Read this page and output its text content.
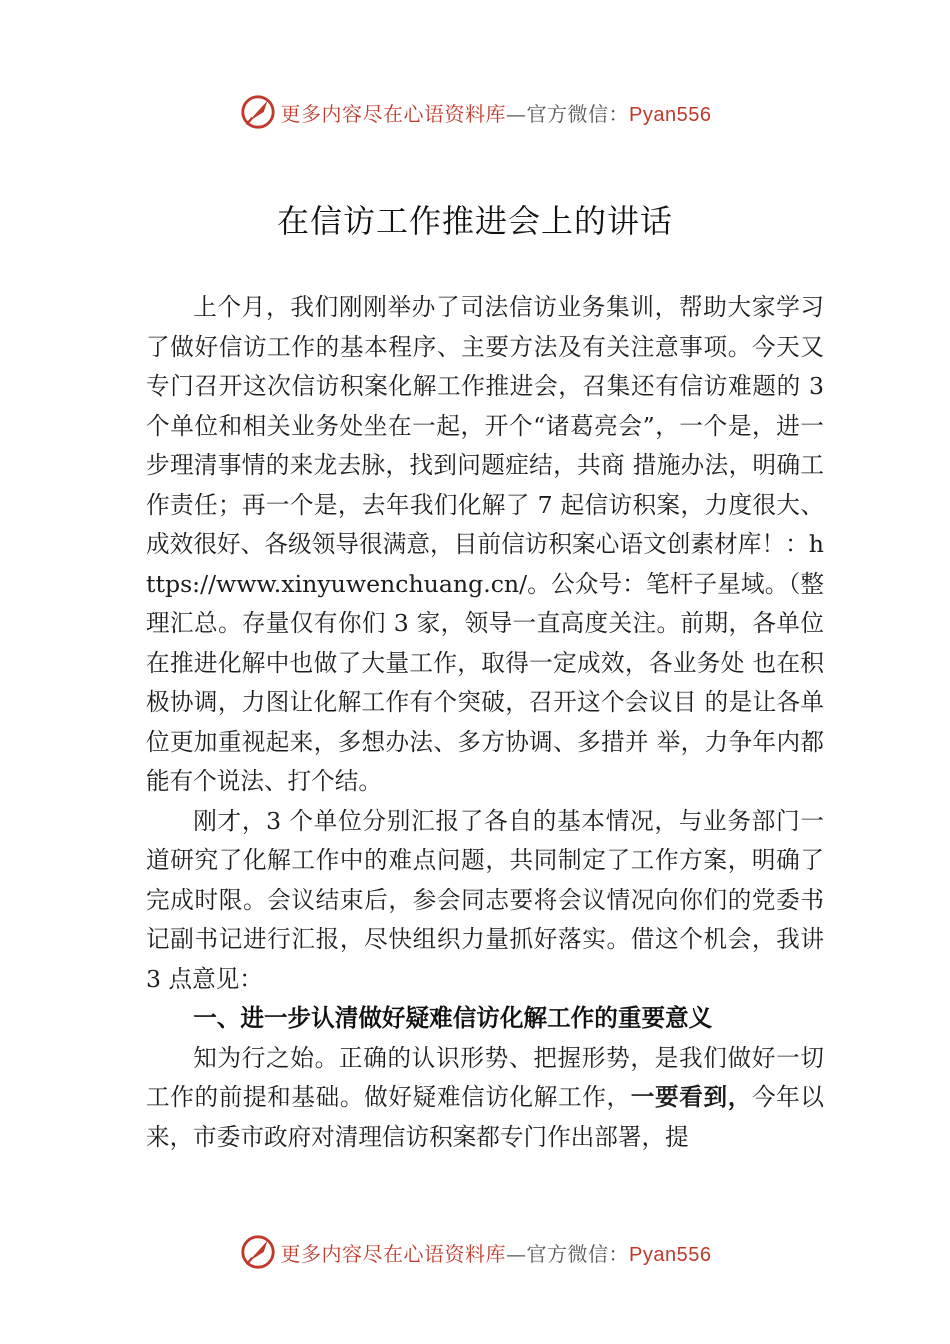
更多内容尽在心语资料库—官方微信：Pyan556
在信访工作推进会上的讲话

上个月，我们刚刚举办了司法信访业务集训，帮助大家学习了做好信访工作的基本程序、主要方法及有关注意事项。今天又专门召开这次信访积案化解工作推进会，召集还有信访难题的 3 个单位和相关业务处坐在一起，开个“诸葛亮会”，一个是，进一步理清事情的来龙去脉，找到问题症结，共商 措施办法，明确工作责任；再一个是，去年我们化解了 7 起信访积案，力度很大、成效很好、各级领导很满意，目前信访积案心语文创素材库！：https://www.xinyuwenchuang.cn/。公众号：笔杆子星域。（整理汇总。存量仅有你们 3 家，领导一直高度关注。前期，各单位在推进化解中也做了大量工作，取得一定成效，各业务处 也在积极协调，力图让化解工作有个突破，召开这个会议目 的是让各单位更加重视起来，多想办法、多方协调、多措并 举，力争年内都能有个说法、打个结。

刚才，3 个单位分别汇报了各自的基本情况，与业务部门一道研究了化解工作中的难点问题，共同制定了工作方案，明确了完成时限。会议结束后，参会同志要将会议情况向你们的党委书记副书记进行汇报，尽快组织力量抓好落实。借这个机会，我讲 3 点意见：

一、进一步认清做好疑难信访化解工作的重要意义

知为行之始。正确的认识形势、把握形势，是我们做好一切工作的前提和基础。做好疑难信访化解工作，一要看到，今年以来，市委市政府对清理信访积案都专门作出部署，提

更多内容尽在心语资料库—官方微信：Pyan556
